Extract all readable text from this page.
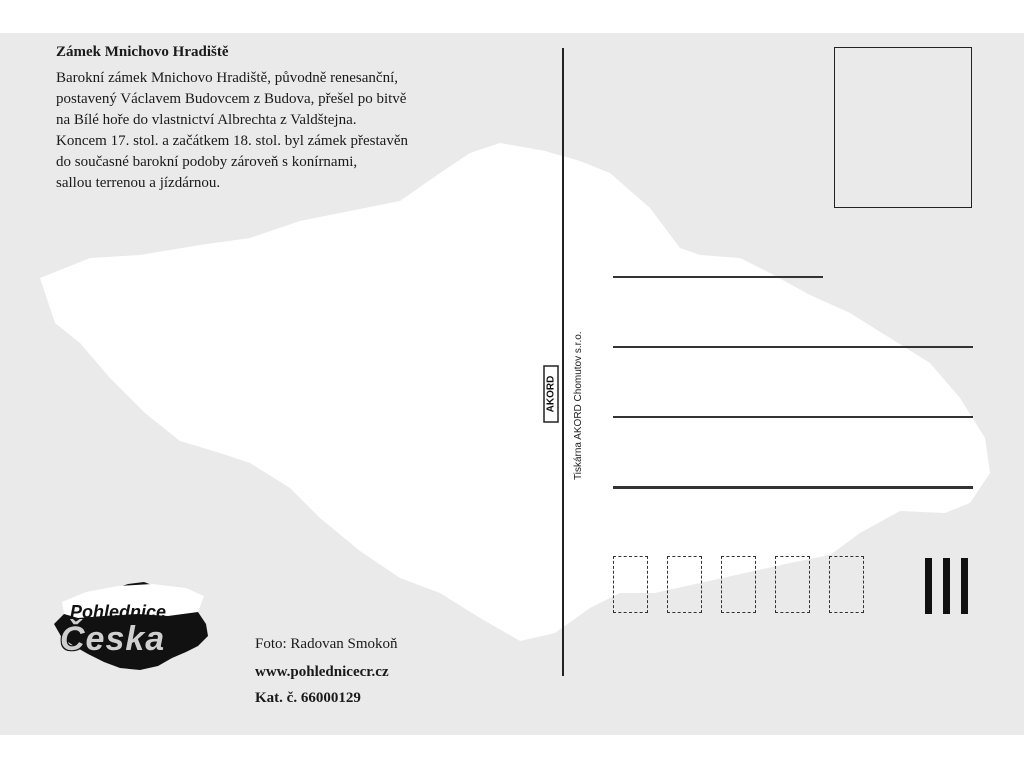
Zámek Mnichovo Hradiště
Barokní zámek Mnichovo Hradiště, původně renesanční,
postavený Václavem Budovcem z Budova, přešel po bitvě
na Bílé hoře do vlastnictví Albrechta z Valdštejna.
Koncem 17. stol. a začátkem 18. stol. byl zámek přestavěn
do současné barokní podoby zároveň s konírnami,
sallou terrenou a jízdárnou.
AKORD Tiskárna AKORD Chomutov s.r.o.
Pohlednice
Česka	Foto: Radovan Smokoň
www.pohlednicecr.cz
Kat. č. 66000129
